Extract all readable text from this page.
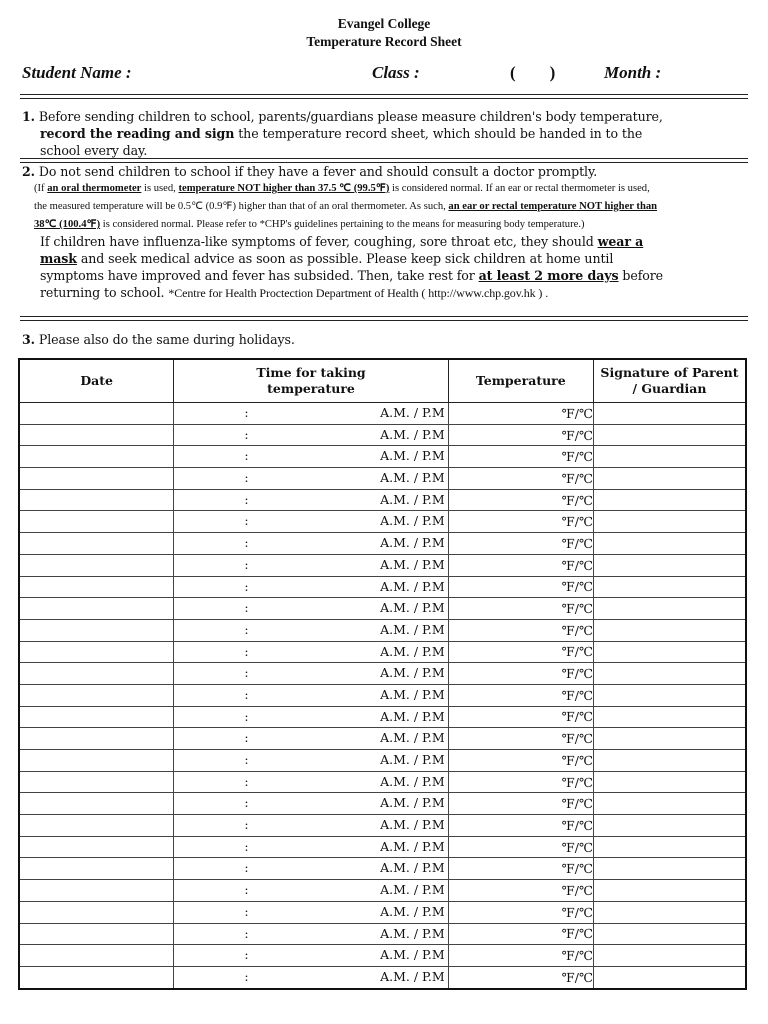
Evangel College
Temperature Record Sheet
Student Name :	Class :	(        )	Month :
1. Before sending children to school, parents/guardians please measure children's body temperature,
record the reading and sign the temperature record sheet, which should be handed in to the
school every day.
2. Do not send children to school if they have a fever and should consult a doctor promptly.
(If an oral thermometer is used, temperature NOT higher than 37.5 ℃ (99.5℉) is considered normal. If an ear or rectal thermometer is used,
the measured temperature will be 0.5℃ (0.9℉) higher than that of an oral thermometer. As such, an ear or rectal temperature NOT higher than
38℃ (100.4℉) is considered normal. Please refer to *CHP's guidelines pertaining to the means for measuring body temperature.)
If children have influenza-like symptoms of fever, coughing, sore throat etc, they should wear a
mask and seek medical advice as soon as possible. Please keep sick children at home until
symptoms have improved and fever has subsided. Then, take rest for at least 2 more days before
returning to school. *Centre for Health Proctection Department of Health ( http://www.chp.gov.hk ) .
3. Please also do the same during holidays.
Date	Time for taking temperature	Temperature	Signature of Parent / Guardian

	: A.M. / P.M	℉/℃	

	: A.M. / P.M	℉/℃	

	: A.M. / P.M	℉/℃	

	: A.M. / P.M	℉/℃	

	: A.M. / P.M	℉/℃	

	: A.M. / P.M	℉/℃	

	: A.M. / P.M	℉/℃	

	: A.M. / P.M	℉/℃	

	: A.M. / P.M	℉/℃	

	: A.M. / P.M	℉/℃	

	: A.M. / P.M	℉/℃	

	: A.M. / P.M	℉/℃	

	: A.M. / P.M	℉/℃	

	: A.M. / P.M	℉/℃	

	: A.M. / P.M	℉/℃	

	: A.M. / P.M	℉/℃	

	: A.M. / P.M	℉/℃	

	: A.M. / P.M	℉/℃	

	: A.M. / P.M	℉/℃	

	: A.M. / P.M	℉/℃	

	: A.M. / P.M	℉/℃	

	: A.M. / P.M	℉/℃	

	: A.M. / P.M	℉/℃	

	: A.M. / P.M	℉/℃	

	: A.M. / P.M	℉/℃	

	: A.M. / P.M	℉/℃	

	: A.M. / P.M	℉/℃	
